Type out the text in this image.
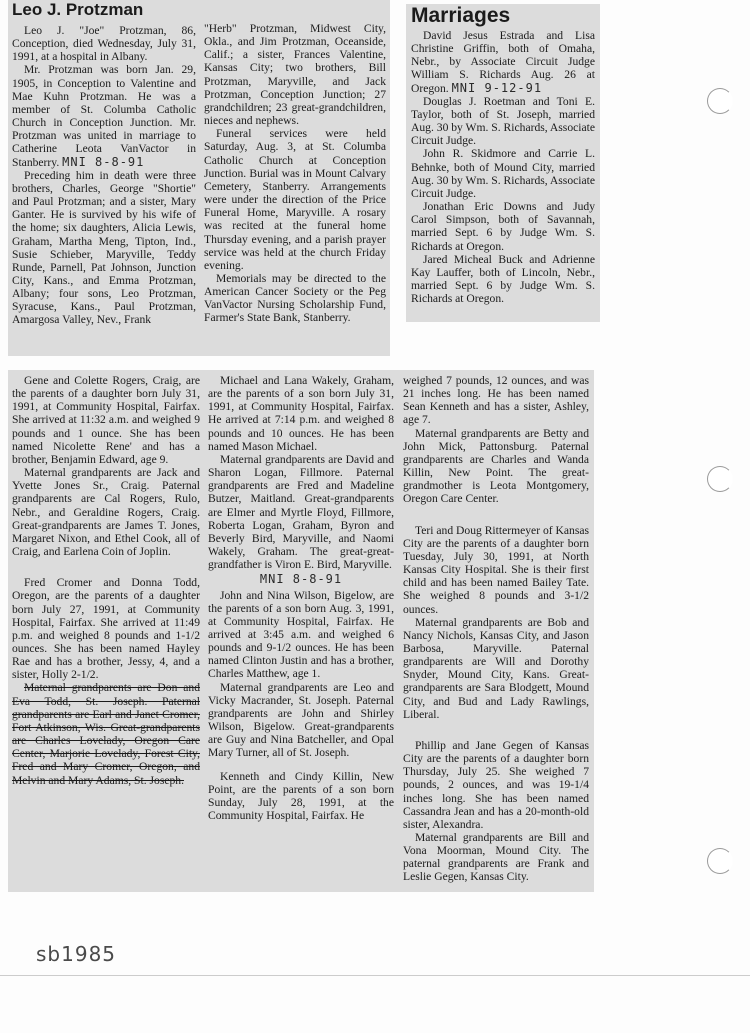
Leo J. Protzman

Leo J. "Joe" Protzman, 86, Conception, died Wednesday, July 31, 1991, at a hospital in Albany.

Mr. Protzman was born Jan. 29, 1905, in Conception to Valentine and Mae Kuhn Protzman. He was a member of St. Columba Catholic Church in Conception Junction. Mr. Protzman was united in marriage to Catherine Leota VanVactor in Stanberry. MNI 8-8-91

Preceding him in death were three brothers, Charles, George "Shortie" and Paul Protzman; and a sister, Mary Ganter. He is survived by his wife of the home; six daughters, Alicia Lewis, Graham, Martha Meng, Tipton, Ind., Susie Schieber, Maryville, Teddy Runde, Parnell, Pat Johnson, Junction City, Kans., and Emma Protzman, Albany; four sons, Leo Protzman, Syracuse, Kans., Paul Protzman, Amargosa Valley, Nev., Frank

"Herb" Protzman, Midwest City, Okla., and Jim Protzman, Oceanside, Calif.; a sister, Frances Valentine, Kansas City; two brothers, Bill Protzman, Maryville, and Jack Protzman, Conception Junction; 27 grandchildren; 23 great-grandchildren, nieces and nephews.

Funeral services were held Saturday, Aug. 3, at St. Columba Catholic Church at Conception Junction. Burial was in Mount Calvary Cemetery, Stanberry. Arrangements were under the direction of the Price Funeral Home, Maryville. A rosary was recited at the funeral home Thursday evening, and a parish prayer service was held at the church Friday evening.

Memorials may be directed to the American Cancer Society or the Peg VanVactor Nursing Scholarship Fund, Farmer's State Bank, Stanberry.

Marriages

David Jesus Estrada and Lisa Christine Griffin, both of Omaha, Nebr., by Associate Circuit Judge William S. Richards Aug. 26 at Oregon. MNI 9-12-91

Douglas J. Roetman and Toni E. Taylor, both of St. Joseph, married Aug. 30 by Wm. S. Richards, Associate Circuit Judge.

John R. Skidmore and Carrie L. Behnke, both of Mound City, married Aug. 30 by Wm. S. Richards, Associate Circuit Judge.

Jonathan Eric Downs and Judy Carol Simpson, both of Savannah, married Sept. 6 by Judge Wm. S. Richards at Oregon.

Jared Micheal Buck and Adrienne Kay Lauffer, both of Lincoln, Nebr., married Sept. 6 by Judge Wm. S. Richards at Oregon.

Gene and Colette Rogers, Craig, are the parents of a daughter born July 31, 1991, at Community Hospital, Fairfax. She arrived at 11:32 a.m. and weighed 9 pounds and 1 ounce. She has been named Nicolette Rene' and has a brother, Benjamin Edward, age 9.

Maternal grandparents are Jack and Yvette Jones Sr., Craig. Paternal grandparents are Cal Rogers, Rulo, Nebr., and Geraldine Rogers, Craig. Great-grandparents are James T. Jones, Margaret Nixon, and Ethel Cook, all of Craig, and Earlena Coin of Joplin.

Fred Cromer and Donna Todd, Oregon, are the parents of a daughter born July 27, 1991, at Community Hospital, Fairfax. She arrived at 11:49 p.m. and weighed 8 pounds and 1-1/2 ounces. She has been named Hayley Rae and has a brother, Jessy, 4, and a sister, Holly 2-1/2.

Maternal grandparents are Don and Eva Todd, St. Joseph. Paternal grandparents are Earl and Janet Cromer, Fort Atkinson, Wis. Great-grandparents are Charles Lovelady, Oregon Care Center, Marjorie Lovelady, Forest City, Fred and Mary Cromer, Oregon, and Melvin and Mary Adams, St. Joseph.

Michael and Lana Wakely, Graham, are the parents of a son born July 31, 1991, at Community Hospital, Fairfax. He arrived at 7:14 p.m. and weighed 8 pounds and 10 ounces. He has been named Mason Michael.

Maternal grandparents are David and Sharon Logan, Fillmore. Paternal grandparents are Fred and Madeline Butzer, Maitland. Great-grandparents are Elmer and Myrtle Floyd, Fillmore, Roberta Logan, Graham, Byron and Beverly Bird, Maryville, and Naomi Wakely, Graham. The great-great-grandfather is Viron E. Bird, Maryville.

MNI 8-8-91

John and Nina Wilson, Bigelow, are the parents of a son born Aug. 3, 1991, at Community Hospital, Fairfax. He arrived at 3:45 a.m. and weighed 6 pounds and 9-1/2 ounces. He has been named Clinton Justin and has a brother, Charles Matthew, age 1.

Maternal grandparents are Leo and Vicky Macrander, St. Joseph. Paternal grandparents are John and Shirley Wilson, Bigelow. Great-grandparents are Guy and Nina Batcheller, and Opal Mary Turner, all of St. Joseph.

Kenneth and Cindy Killin, New Point, are the parents of a son born Sunday, July 28, 1991, at the Community Hospital, Fairfax. He

weighed 7 pounds, 12 ounces, and was 21 inches long. He has been named Sean Kenneth and has a sister, Ashley, age 7.

Maternal grandparents are Betty and John Mick, Pattonsburg. Paternal grandparents are Charles and Wanda Killin, New Point. The great-grandmother is Leota Montgomery, Oregon Care Center.

Teri and Doug Rittermeyer of Kansas City are the parents of a daughter born Tuesday, July 30, 1991, at North Kansas City Hospital. She is their first child and has been named Bailey Tate. She weighed 8 pounds and 3-1/2 ounces.

Maternal grandparents are Bob and Nancy Nichols, Kansas City, and Jason Barbosa, Maryville. Paternal grandparents are Will and Dorothy Snyder, Mound City, Kans. Great-grandparents are Sara Blodgett, Mound City, and Bud and Lady Rawlings, Liberal.

Phillip and Jane Gegen of Kansas City are the parents of a daughter born Thursday, July 25. She weighed 7 pounds, 2 ounces, and was 19-1/4 inches long. She has been named Cassandra Jean and has a 20-month-old sister, Alexandra.

Maternal grandparents are Bill and Vona Moorman, Mound City. The paternal grandparents are Frank and Leslie Gegen, Kansas City.

sb1985
